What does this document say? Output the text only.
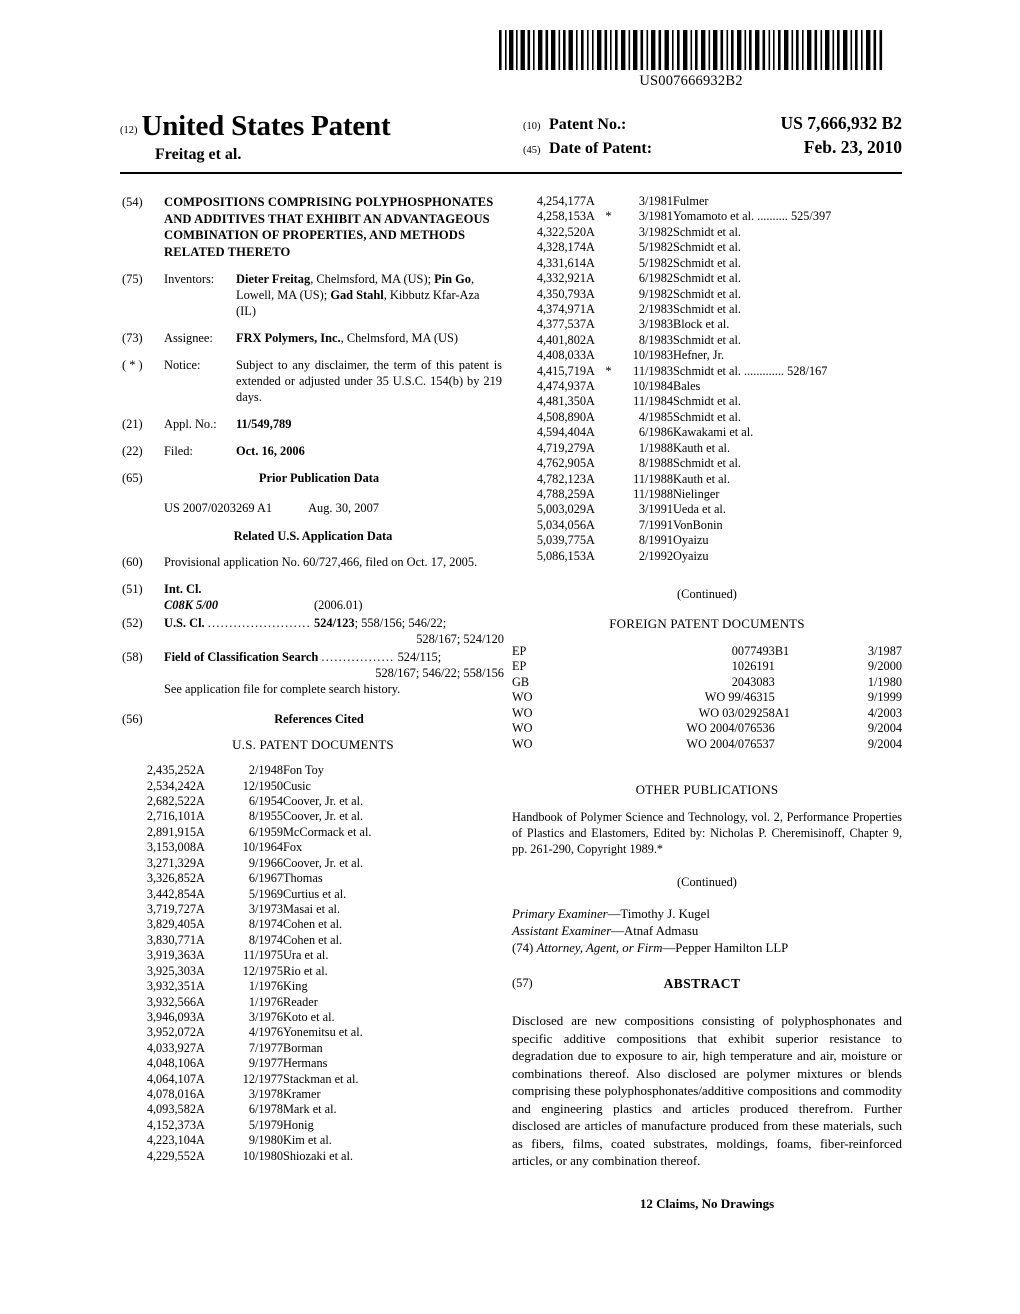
US007666932B2
(12) United States Patent
Freitag et al.
(10) Patent No.:	US 7,666,932 B2
(45) Date of Patent:	Feb. 23, 2010
(54)	COMPOSITIONS COMPRISING POLYPHOSPHONATES AND ADDITIVES THAT EXHIBIT AN ADVANTAGEOUS COMBINATION OF PROPERTIES, AND METHODS RELATED THERETO
(75)	Inventors: Dieter Freitag, Chelmsford, MA (US); Pin Go, Lowell, MA (US); Gad Stahl, Kibbutz Kfar-Aza (IL)
(73)	Assignee: FRX Polymers, Inc., Chelmsford, MA (US)
( * )	Notice:	Subject to any disclaimer, the term of this patent is extended or adjusted under 35 U.S.C. 154(b) by 219 days.
(21)	Appl. No.: 11/549,789
(22)	Filed:	Oct. 16, 2006
(65)	Prior Publication Data
US 2007/0203269 A1	Aug. 30, 2007
Related U.S. Application Data
(60)	Provisional application No. 60/727,466, filed on Oct. 17, 2005.
(51)	Int. Cl.
C08K 5/00	(2006.01)
(52)	U.S. Cl. ........................ 524/123; 558/156; 546/22;
528/167; 524/120
(58)	Field of Classification Search ................. 524/115;
528/167; 546/22; 558/156
See application file for complete search history.
(56)	References Cited
U.S. PATENT DOCUMENTS
2,435,252	A		2/1948	Fon Toy
2,534,242	A		12/1950	Cusic
2,682,522	A		6/1954	Coover, Jr. et al.
2,716,101	A		8/1955	Coover, Jr. et al.
2,891,915	A		6/1959	McCormack et al.
3,153,008	A		10/1964	Fox
3,271,329	A		9/1966	Coover, Jr. et al.
3,326,852	A		6/1967	Thomas
3,442,854	A		5/1969	Curtius et al.
3,719,727	A		3/1973	Masai et al.
3,829,405	A		8/1974	Cohen et al.
3,830,771	A		8/1974	Cohen et al.
3,919,363	A		11/1975	Ura et al.
3,925,303	A		12/1975	Rio et al.
3,932,351	A		1/1976	King
3,932,566	A		1/1976	Reader
3,946,093	A		3/1976	Koto et al.
3,952,072	A		4/1976	Yonemitsu et al.
4,033,927	A		7/1977	Borman
4,048,106	A		9/1977	Hermans
4,064,107	A		12/1977	Stackman et al.
4,078,016	A		3/1978	Kramer
4,093,582	A		6/1978	Mark et al.
4,152,373	A		5/1979	Honig
4,223,104	A		9/1980	Kim et al.
4,229,552	A		10/1980	Shiozaki et al.
4,254,177	A		3/1981	Fulmer
4,258,153	A	*	3/1981	Yomamoto et al. .......... 525/397
4,322,520	A		3/1982	Schmidt et al.
4,328,174	A		5/1982	Schmidt et al.
4,331,614	A		5/1982	Schmidt et al.
4,332,921	A		6/1982	Schmidt et al.
4,350,793	A		9/1982	Schmidt et al.
4,374,971	A		2/1983	Schmidt et al.
4,377,537	A		3/1983	Block et al.
4,401,802	A		8/1983	Schmidt et al.
4,408,033	A		10/1983	Hefner, Jr.
4,415,719	A	*	11/1983	Schmidt et al. ............. 528/167
4,474,937	A		10/1984	Bales
4,481,350	A		11/1984	Schmidt et al.
4,508,890	A		4/1985	Schmidt et al.
4,594,404	A		6/1986	Kawakami et al.
4,719,279	A		1/1988	Kauth et al.
4,762,905	A		8/1988	Schmidt et al.
4,782,123	A		11/1988	Kauth et al.
4,788,259	A		11/1988	Nielinger
5,003,029	A		3/1991	Ueda et al.
5,034,056	A		7/1991	VonBonin
5,039,775	A		8/1991	Oyaizu
5,086,153	A		2/1992	Oyaizu
(Continued)
FOREIGN PATENT DOCUMENTS
EP	0077493	B1	3/1987
EP	1026191		9/2000
GB	2043083		1/1980
WO	WO 99/46315		9/1999
WO	WO 03/029258	A1	4/2003
WO	WO 2004/076536		9/2004
WO	WO 2004/076537		9/2004
OTHER PUBLICATIONS
Handbook of Polymer Science and Technology, vol. 2, Performance Properties of Plastics and Elastomers, Edited by: Nicholas P. Cheremisinoff, Chapter 9, pp. 261-290, Copyright 1989.*
(Continued)
Primary Examiner—Timothy J. Kugel
Assistant Examiner—Atnaf Admasu
(74) Attorney, Agent, or Firm—Pepper Hamilton LLP
(57)	ABSTRACT
Disclosed are new compositions consisting of polyphosphonates and specific additive compositions that exhibit superior resistance to degradation due to exposure to air, high temperature and air, moisture or combinations thereof. Also disclosed are polymer mixtures or blends comprising these polyphosphonates/additive compositions and commodity and engineering plastics and articles produced therefrom. Further disclosed are articles of manufacture produced from these materials, such as fibers, films, coated substrates, moldings, foams, fiber-reinforced articles, or any combination thereof.
12 Claims, No Drawings
